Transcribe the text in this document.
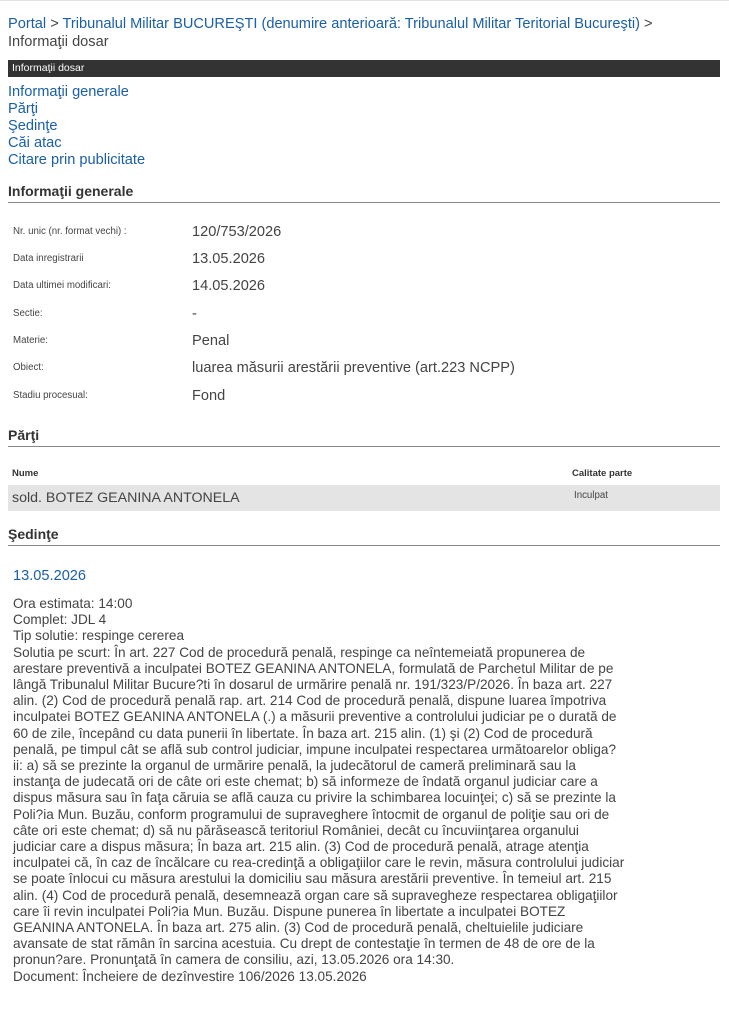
Portal > Tribunalul Militar BUCUREŞTI (denumire anterioară: Tribunalul Militar Teritorial Bucureşti) >
Informaţii dosar
Informaţii dosar
Informaţii generale
Părţi
Şedinţe
Căi atac
Citare prin publicitate
Informaţii generale
Nr. unic (nr. format vechi) :	120/753/2026
Data inregistrarii	13.05.2026
Data ultimei modificari:	14.05.2026
Sectie:	-
Materie:	Penal
Obiect:	luarea măsurii arestării preventive (art.223 NCPP)
Stadiu procesual:	Fond
Părţi
Nume	Calitate parte
sold. BOTEZ GEANINA ANTONELA	Inculpat
Şedinţe
13.05.2026
Ora estimata: 14:00
Complet: JDL 4
Tip solutie: respinge cererea
Solutia pe scurt: În art. 227 Cod de procedură penală, respinge ca neîntemeiată propunerea de
arestare preventivă a inculpatei BOTEZ GEANINA ANTONELA, formulată de Parchetul Militar de pe
lângă Tribunalul Militar Bucure?ti în dosarul de urmărire penală nr. 191/323/P/2026. În baza art. 227
alin. (2) Cod de procedură penală rap. art. 214 Cod de procedură penală, dispune luarea împotriva
inculpatei BOTEZ GEANINA ANTONELA (.) a măsurii preventive a controlului judiciar pe o durată de
60 de zile, începând cu data punerii în libertate. În baza art. 215 alin. (1) şi (2) Cod de procedură
penală, pe timpul cât se află sub control judiciar, impune inculpatei respectarea următoarelor obliga?
ii: a) să se prezinte la organul de urmărire penală, la judecătorul de cameră preliminară sau la
instanţa de judecată ori de câte ori este chemat; b) să informeze de îndată organul judiciar care a
dispus măsura sau în faţa căruia se află cauza cu privire la schimbarea locuinţei; c) să se prezinte la
Poli?ia Mun. Buzău, conform programului de supraveghere întocmit de organul de poliţie sau ori de
câte ori este chemat; d) să nu părăsească teritoriul României, decât cu încuviinţarea organului
judiciar care a dispus măsura; În baza art. 215 alin. (3) Cod de procedură penală, atrage atenţia
inculpatei că, în caz de încălcare cu rea-credinţă a obligaţiilor care le revin, măsura controlului judiciar
se poate înlocui cu măsura arestului la domiciliu sau măsura arestării preventive. În temeiul art. 215
alin. (4) Cod de procedură penală, desemnează organ care să supravegheze respectarea obligaţiilor
care îi revin inculpatei Poli?ia Mun. Buzău. Dispune punerea în libertate a inculpatei BOTEZ
GEANINA ANTONELA. În baza art. 275 alin. (3) Cod de procedură penală, cheltuielile judiciare
avansate de stat rămân în sarcina acestuia. Cu drept de contestaţie în termen de 48 de ore de la
pronun?are. Pronunţată în camera de consiliu, azi, 13.05.2026 ora 14:30.
Document: Încheiere de dezînvestire 106/2026 13.05.2026
